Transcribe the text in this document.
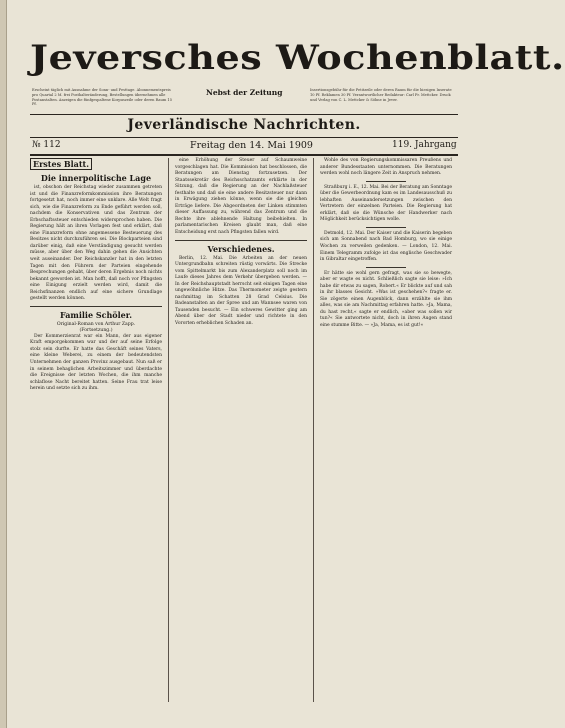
Jeversches Wochenblatt.
Erscheint täglich mit Ausnahme der Sonn- und Festtage. Abonnementspreis pro Quartal 2 M. frei Posthalteränderung, Bestellungen übernehmen alle Postanstalten. Anzeigen die fünfgespaltene Korpuszeile oder deren Raum 15 Pf.
Nebst der Zeitung	Insertionsgebühr für die Petitzeile oder deren Raum für die hiesigen Inserate 10 Pf. Reklamen 30 Pf. Verantwortlicher Redakteur: Carl Fr. Mettcker. Druck und Verlag von C. L. Mettcker & Söhne in Jever.
Jeverländische Nachrichten.
№ 112	Freitag den 14. Mai 1909	119. Jahrgang
Erstes Blatt.
Die innerpolitische Lage

ist, obschon der Reichstag wieder zusammen getreten ist und die Finanzreformkommission ihre Beratungen fortgesetzt hat, noch immer eine unklare. Alle Welt fragt sich, wie die Finanzreform zu Ende geführt werden soll, nachdem die Konservativen und das Zentrum der Erbschaftssteuer entschieden widersprochen haben. Die Regierung hält an ihren Vorlagen fest und erklärt, daß eine Finanzreform ohne angemessene Besteuerung des Besitzes nicht durchzuführen sei. Die Blockparteien sind darüber einig, daß eine Verständigung gesucht werden müsse, aber über den Weg dahin gehen die Ansichten weit auseinander. Der Reichskanzler hat in den letzten Tagen mit den Führern der Parteien eingehende Besprechungen gehabt, über deren Ergebnis noch nichts bekannt geworden ist. Man hofft, daß noch vor Pfingsten eine Einigung erzielt werden wird, damit die Reichsfinanzen endlich auf eine sichere Grundlage gestellt werden können.

Familie Schöler.
Original-Roman von Arthur Zapp.
(Fortsetzung.)

Der Kommerzienrat war ein Mann, der aus eigener Kraft emporgekommen war und der auf seine Erfolge stolz sein durfte. Er hatte das Geschäft seines Vaters, eine kleine Weberei, zu einem der bedeutendsten Unternehmen der ganzen Provinz ausgebaut. Nun saß er in seinem behaglichen Arbeitszimmer und überdachte die Ereignisse der letzten Wochen, die ihm manche schlaflose Nacht bereitet hatten. Seine Frau trat leise herein und setzte sich zu ihm.

eine Erhöhung der Steuer auf Schaumweine vorgeschlagen hat. Die Kommission hat beschlossen, die Beratungen am Dienstag fortzusetzen. Der Staatssekretär des Reichsschatzamts erklärte in der Sitzung, daß die Regierung an der Nachlaßsteuer festhalte und daß sie eine andere Besitzsteuer nur dann in Erwägung ziehen könne, wenn sie die gleichen Erträge liefere. Die Abgeordneten der Linken stimmten dieser Auffassung zu, während das Zentrum und die Rechte ihre ablehnende Haltung beibehielten. In parlamentarischen Kreisen glaubt man, daß eine Entscheidung erst nach Pfingsten fallen wird.

Verschiedenes.

Berlin, 12. Mai. Die Arbeiten an der neuen Untergrundbahn schreiten rüstig vorwärts. Die Strecke vom Spittelmarkt bis zum Alexanderplatz soll noch im Laufe dieses Jahres dem Verkehr übergeben werden. — In der Reichshauptstadt herrscht seit einigen Tagen eine ungewöhnliche Hitze. Das Thermometer zeigte gestern nachmittag im Schatten 28 Grad Celsius. Die Badeanstalten an der Spree und am Wannsee waren von Tausenden besucht. — Ein schweres Gewitter ging am Abend über der Stadt nieder und richtete in den Vororten erheblichen Schaden an.

Wohle des von Regierungskommissaren Preußens und anderer Bundesstaaten unternommen. Die Beratungen werden wohl noch längere Zeit in Anspruch nehmen.

Straßburg i. E., 12. Mai. Bei der Beratung am Sonntage über die Gewerbeordnung kam es im Landesausschuß zu lebhaften Auseinandersetzungen zwischen den Vertretern der einzelnen Parteien. Die Regierung hat erklärt, daß sie die Wünsche der Handwerker nach Möglichkeit berücksichtigen wolle.

Detmold, 12. Mai. Der Kaiser und die Kaiserin begeben sich am Sonnabend nach Bad Homburg, wo sie einige Wochen zu verweilen gedenken. — London, 12. Mai. Einem Telegramm zufolge ist das englische Geschwader in Gibraltar eingetroffen.

Er hätte sie wohl gern gefragt, was sie so bewegte, aber er wagte es nicht. Schließlich sagte sie leise: »Ich habe dir etwas zu sagen, Robert.« Er blickte auf und sah in ihr blasses Gesicht. »Was ist geschehen?« fragte er. Sie zögerte einen Augenblick, dann erzählte sie ihm alles, was sie am Nachmittag erfahren hatte. »Ja, Mama, du hast recht,« sagte er endlich, »aber was sollen wir tun?« Sie antwortete nicht, doch in ihren Augen stand eine stumme Bitte. — »Ja, Mama, es ist gut!«
